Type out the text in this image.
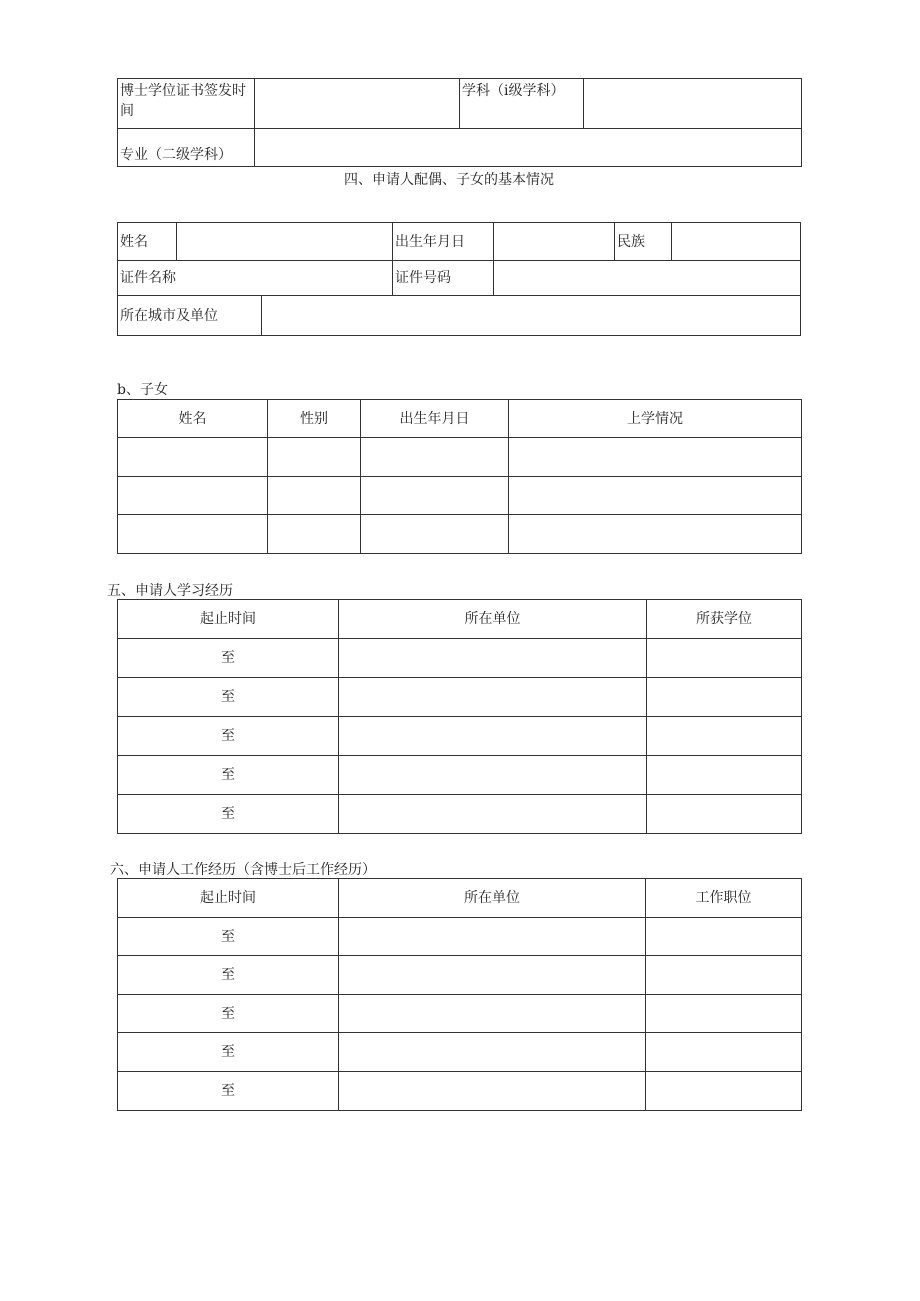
博士学位证书签发时间		学科（i级学科）	
专业（二级学科）			
四、申请人配偶、子女的基本情况
姓名			出生年月日		民族	
证件名称			证件号码			
所在城市及单位						
b、子女
姓名	性别	出生年月日	上学情况

五、申请人学习经历
起止时间	所在单位	所获学位
至		
至		
至		
至		
至		
六、申请人工作经历（含博士后工作经历）
起止时间	所在单位	工作职位
至		
至		
至		
至		
至		
